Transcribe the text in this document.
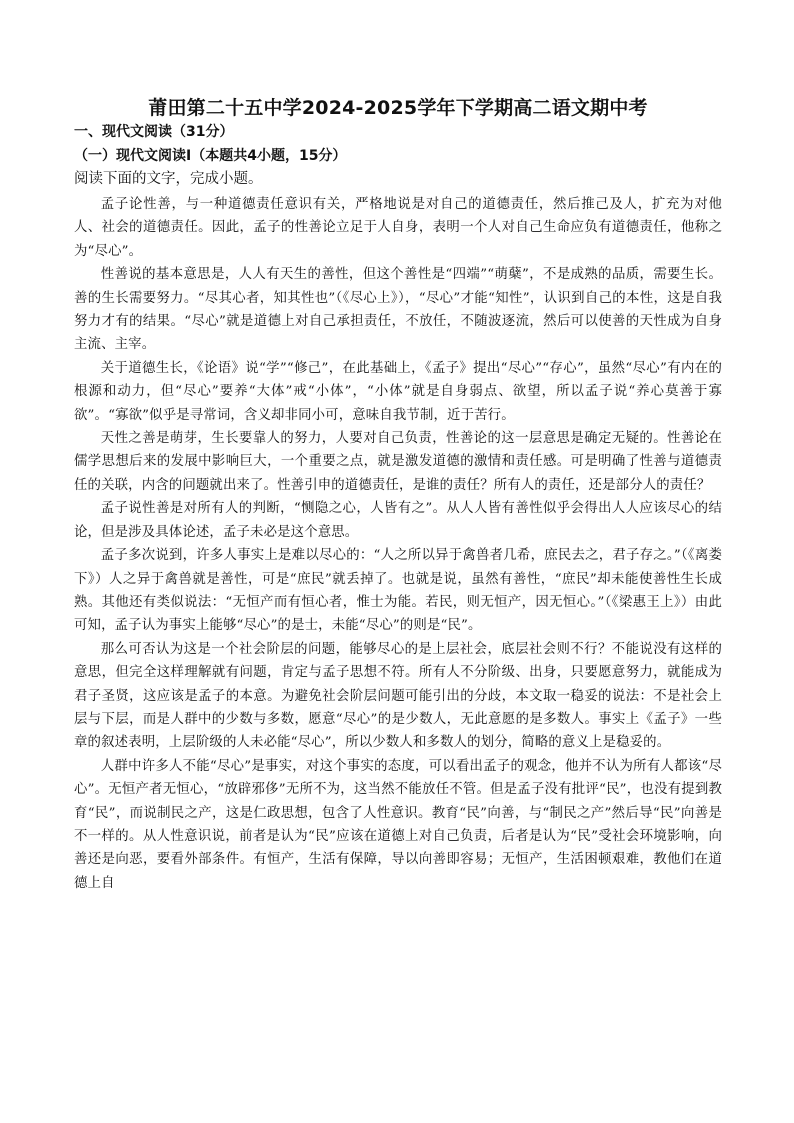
莆田第二十五中学2024-2025学年下学期高二语文期中考
一、现代文阅读（31分）
（一）现代文阅读Ⅰ（本题共4小题，15分）
阅读下面的文字，完成小题。

孟子论性善，与一种道德责任意识有关，严格地说是对自己的道德责任，然后推己及人，扩充为对他人、社会的道德责任。因此，孟子的性善论立足于人自身，表明一个人对自己生命应负有道德责任，他称之为“尽心”。

性善说的基本意思是，人人有天生的善性，但这个善性是“四端”“萌蘖”，不是成熟的品质，需要生长。善的生长需要努力。“尽其心者，知其性也”（《尽心上》），“尽心”才能“知性”，认识到自己的本性，这是自我努力才有的结果。“尽心”就是道德上对自己承担责任，不放任，不随波逐流，然后可以使善的天性成为自身主流、主宰。

关于道德生长，《论语》说“学”“修己”，在此基础上，《孟子》提出“尽心”“存心”，虽然“尽心”有内在的根源和动力，但“尽心”要养“大体”戒“小体”，“小体”就是自身弱点、欲望，所以孟子说“养心莫善于寡欲”。“寡欲”似乎是寻常词，含义却非同小可，意味自我节制，近于苦行。

天性之善是萌芽，生长要靠人的努力，人要对自己负责，性善论的这一层意思是确定无疑的。性善论在儒学思想后来的发展中影响巨大，一个重要之点，就是激发道德的激情和责任感。可是明确了性善与道德责任的关联，内含的问题就出来了。性善引申的道德责任，是谁的责任？所有人的责任，还是部分人的责任？

孟子说性善是对所有人的判断，“恻隐之心，人皆有之”。从人人皆有善性似乎会得出人人应该尽心的结论，但是涉及具体论述，孟子未必是这个意思。

孟子多次说到，许多人事实上是难以尽心的：“人之所以异于禽兽者几希，庶民去之，君子存之。”（《离娄下》）人之异于禽兽就是善性，可是“庶民”就丢掉了。也就是说，虽然有善性，“庶民”却未能使善性生长成熟。其他还有类似说法：“无恒产而有恒心者，惟士为能。若民，则无恒产，因无恒心。”（《梁惠王上》）由此可知，孟子认为事实上能够“尽心”的是士，未能“尽心”的则是“民”。

那么可否认为这是一个社会阶层的问题，能够尽心的是上层社会，底层社会则不行？不能说没有这样的意思，但完全这样理解就有问题，肯定与孟子思想不符。所有人不分阶级、出身，只要愿意努力，就能成为君子圣贤，这应该是孟子的本意。为避免社会阶层问题可能引出的分歧，本文取一稳妥的说法：不是社会上层与下层，而是人群中的少数与多数，愿意“尽心”的是少数人，无此意愿的是多数人。事实上《孟子》一些章的叙述表明，上层阶级的人未必能“尽心”，所以少数人和多数人的划分，简略的意义上是稳妥的。

人群中许多人不能“尽心”是事实，对这个事实的态度，可以看出孟子的观念，他并不认为所有人都该“尽心”。无恒产者无恒心，“放辟邪侈”无所不为，这当然不能放任不管。但是孟子没有批评“民”，也没有提到教育“民”，而说制民之产，这是仁政思想，包含了人性意识。教育“民”向善，与“制民之产”然后导“民”向善是不一样的。从人性意识说，前者是认为“民”应该在道德上对自己负责，后者是认为“民”受社会环境影响，向善还是向恶，要看外部条件。有恒产，生活有保障，导以向善即容易；无恒产，生活困顿艰难，教他们在道德上自
